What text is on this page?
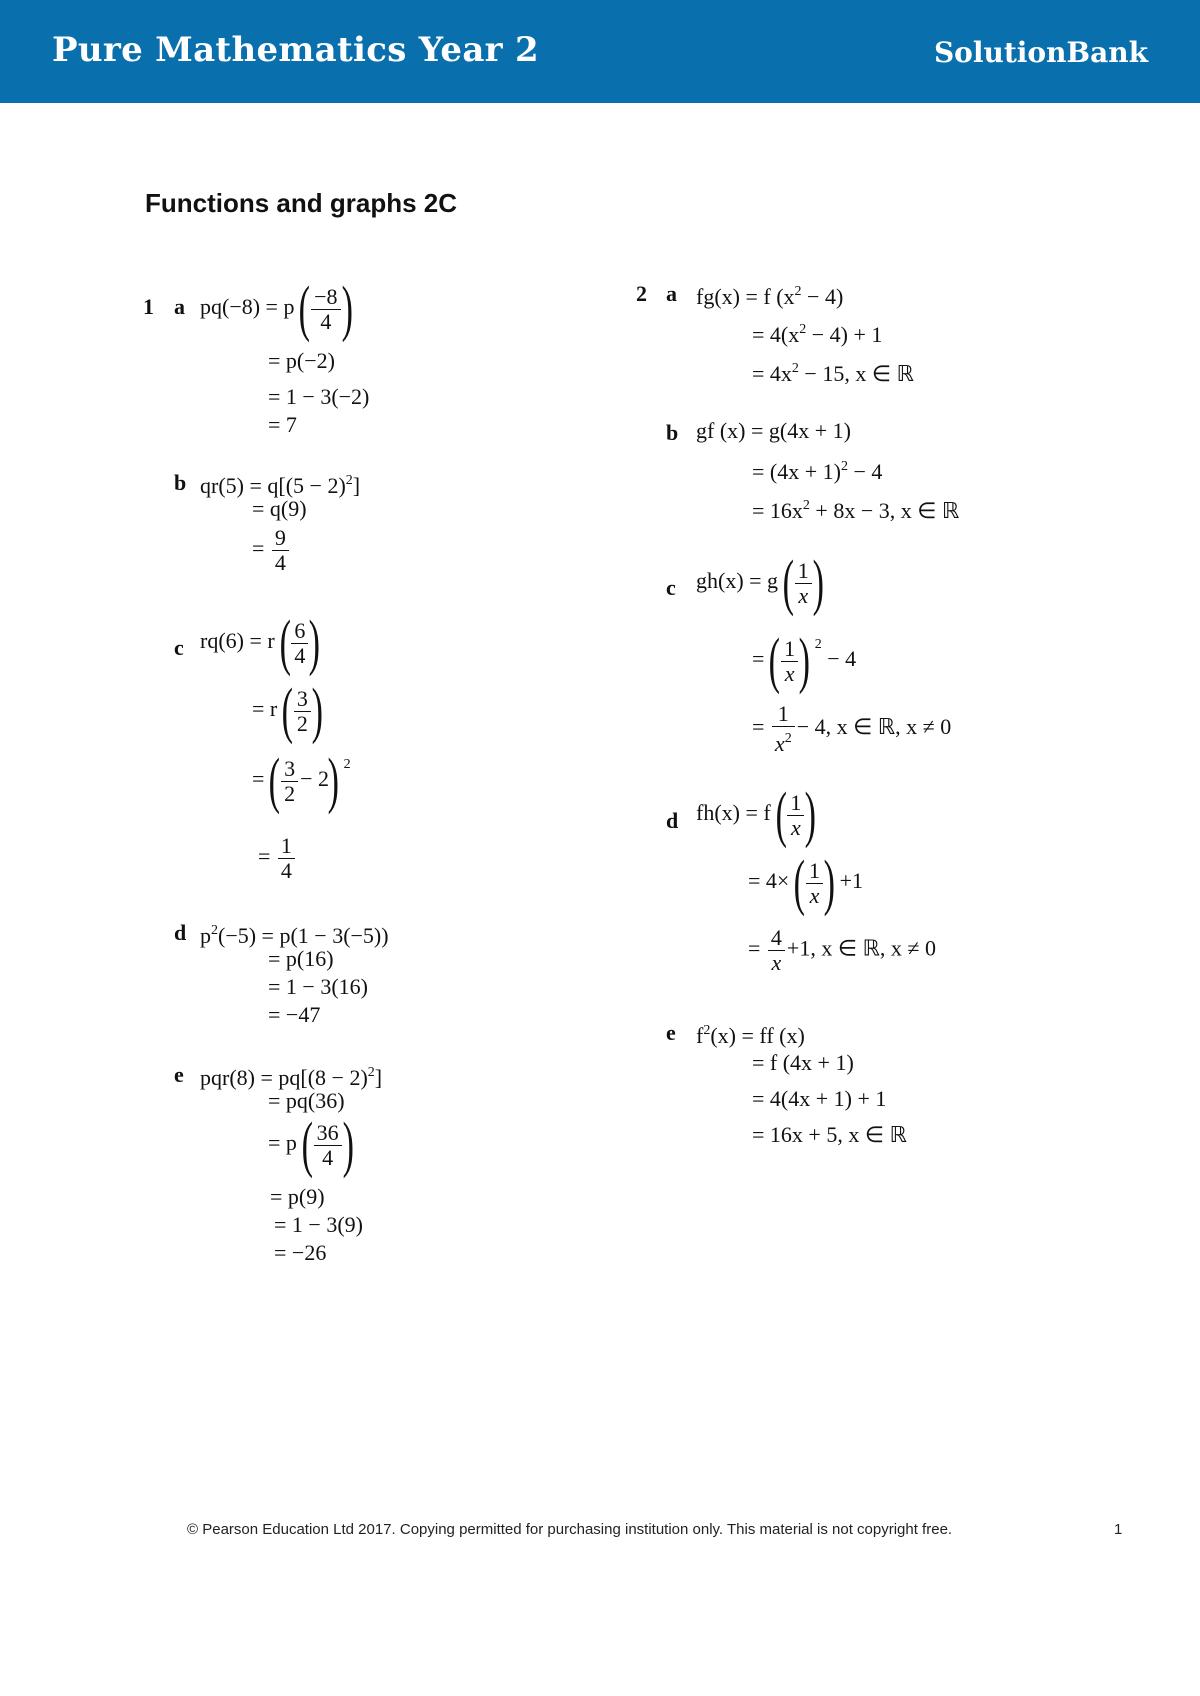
Pure Mathematics Year 2	SolutionBank
Functions and graphs 2C
1 a $pq(-8) = p( \frac{-8}{4}$ )
= p(−2)
= 1 − 3(−2)
= 7
b $qr(5) = q[(5 - 2)^2]$
= q(9)
= $\frac{9}{4}$
c $rq(6) = r( \frac{6}{4}$ )
= $r( \frac{3}{2}$ )
=( $\frac{3}{2} - 2$) $^2$
= $\frac{1}{4}$
d $p^2(-5) = p(1 - 3(-5))$
= p(16)
= 1 − 3(16)
= −47
e $pqr(8) = pq[(8 - 2)^2]$
= pq(36)
= $p( \frac{36}{4}$ )
= p(9)
= 1 − 3(9)
= −26
2 a fg(x) = f $(x^2 - 4)$
= $4(x^2 - 4) + 1$
= $4x^2 - 15$, x ∈ ℝ
b gf (x) = g(4x + 1)
= $(4x + 1)^2 - 4$
= $16x^2 + 8x - 3$, x ∈ ℝ
c $gh(x) = g( \frac{1}{x}$ )
=( $\frac{1}{x}$ ) $^2$ − 4
= $\frac{1}{x^2} - 4$, x ∈ ℝ, x ≠ 0
d $fh(x) = f( \frac{1}{x}$ )
= $4\times( \frac{1}{x}$ ) +1
= $\frac{4}{x} +1$, x ∈ ℝ, x ≠ 0
e $f^2(x)$ = ff (x)
= f (4x + 1)
= 4(4x + 1) + 1
= 16x + 5, x ∈ ℝ
© Pearson Education Ltd 2017. Copying permitted for purchasing institution only. This material is not copyright free.	1
